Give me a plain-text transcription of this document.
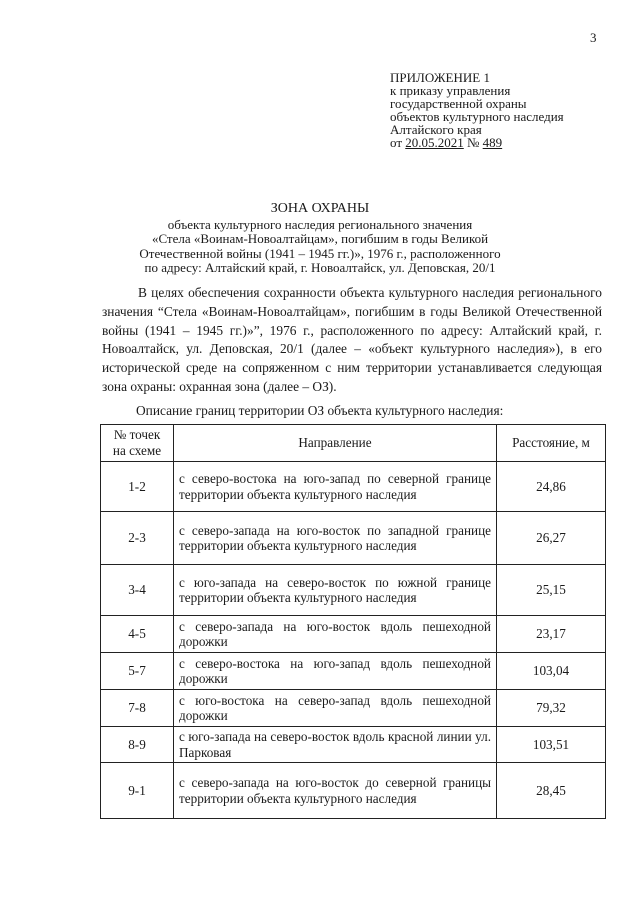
3
ПРИЛОЖЕНИЕ 1
к приказу управления
государственной охраны
объектов культурного наследия
Алтайского края
от 20.05.2021 № 489
ЗОНА ОХРАНЫ
объекта культурного наследия регионального значения
«Стела «Воинам-Новоалтайцам», погибшим в годы Великой
Отечественной войны (1941 – 1945 гг.)», 1976 г., расположенного
по адресу: Алтайский край, г. Новоалтайск, ул. Деповская, 20/1

В целях обеспечения сохранности объекта культурного наследия регионального значения “Стела «Воинам-Новоалтайцам», погибшим в годы Великой Отечественной войны (1941 – 1945 гг.)»”, 1976 г., расположенного по адресу: Алтайский край, г. Новоалтайск, ул. Деповская, 20/1 (далее – «объект культурного наследия»), в его исторической среде на сопряженном с ним территории устанавливается следующая зона охраны: охранная зона (далее – ОЗ).

Описание границ территории ОЗ объекта культурного наследия:
№ точек на схеме	Направление	Расстояние, м
1-2	с северо-востока на юго-запад по северной границе территории объекта культурного наследия	24,86
2-3	с северо-запада на юго-восток по западной границе территории объекта культурного наследия	26,27
3-4	с юго-запада на северо-восток по южной границе территории объекта культурного наследия	25,15
4-5	с северо-запада на юго-восток вдоль пешеходной дорожки	23,17
5-7	с северо-востока на юго-запад вдоль пешеходной дорожки	103,04
7-8	с юго-востока на северо-запад вдоль пешеходной дорожки	79,32
8-9	с юго-запада на северо-восток вдоль красной линии ул. Парковая	103,51
9-1	с северо-запада на юго-восток до северной границы территории объекта культурного наследия	28,45
